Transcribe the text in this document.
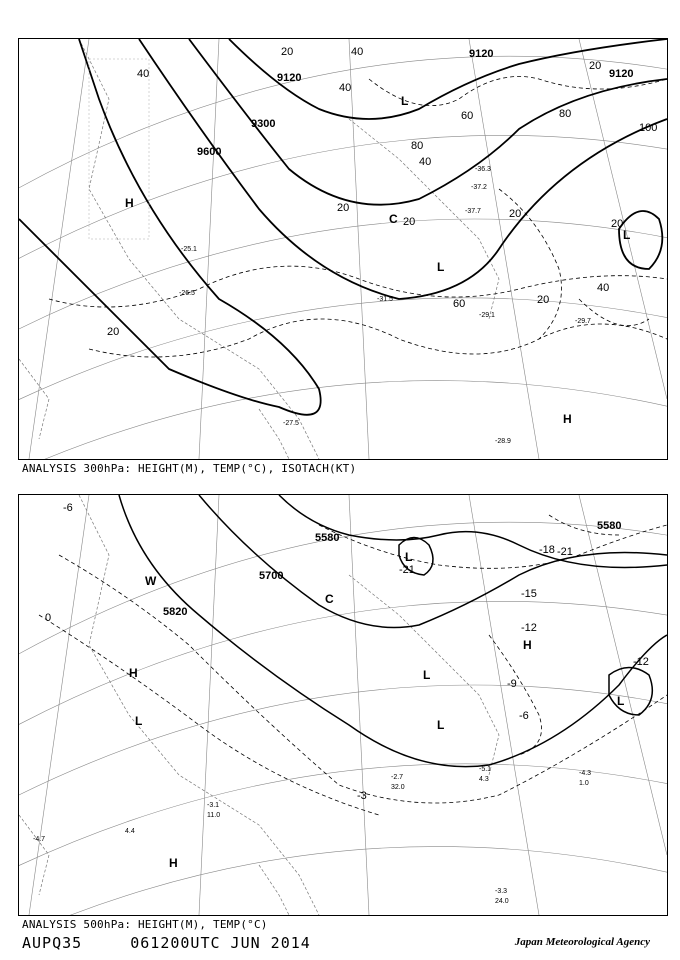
9120
9120	9120
9300
9600
20	40
40
60
80
80
40
20
20
20
40
60	20
40
20
20
100
20
H
H
L
L
L
C
-28.9
-29.7
-29.1
-31.5
-36.3
-37.2
-37.7
-25.1
-26.5
-27.5
ANALYSIS 300hPa: HEIGHT(M), TEMP(°C), ISOTACH(KT)
5580
5580
5700
5820
-6
-12
-15
-18 -21
-9
-3
0
-6
-12
-21
H
H
H
L
L
L
L
L
W
C
-3.3
24.0
-4.3
1.0
-5.1
4.3
-2.7
32.0
-3.1
11.0
-4.7
4.4
ANALYSIS 500hPa: HEIGHT(M), TEMP(°C)
AUPQ35	061200UTC JUN 2014	Japan Meteorological Agency
